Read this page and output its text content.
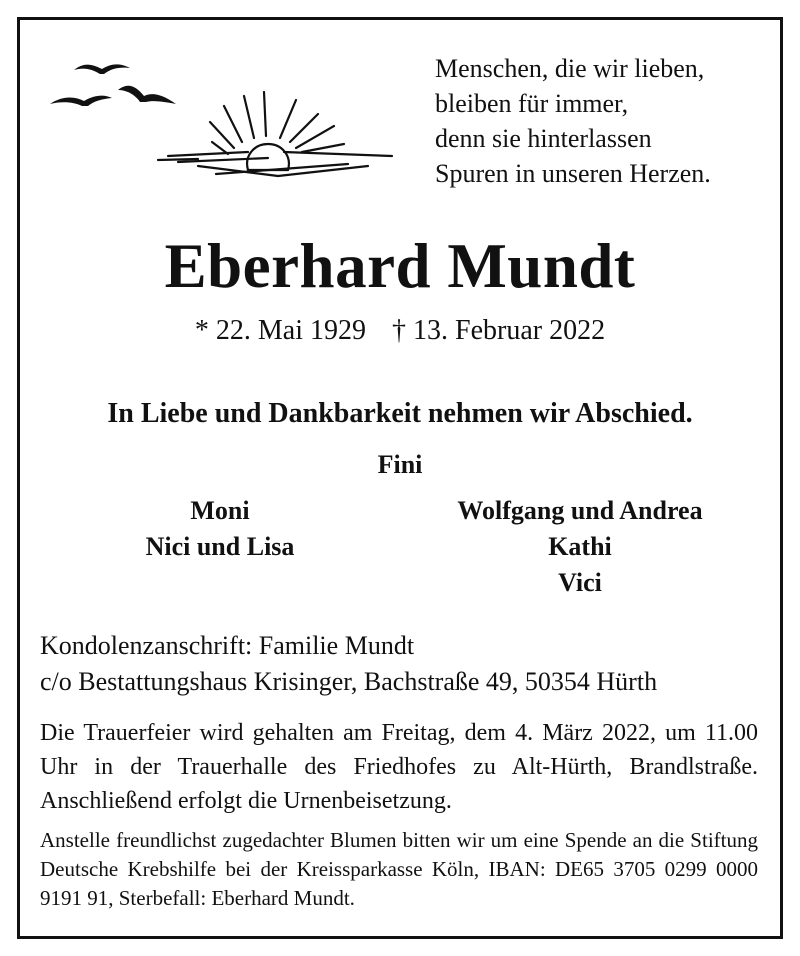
Menschen, die wir lieben,
bleiben für immer,
denn sie hinterlassen
Spuren in unseren Herzen.
Eberhard Mundt
* 22. Mai 1929 † 13. Februar 2022
In Liebe und Dankbarkeit nehmen wir Abschied.
Fini
Moni
Nici und Lisa
Wolfgang und Andrea
Kathi
Vici
Kondolenzanschrift: Familie Mundt
c/o Bestattungshaus Krisinger, Bachstraße 49, 50354 Hürth
Die Trauerfeier wird gehalten am Freitag, dem 4. März 2022, um 11.00 Uhr in der Trauerhalle des Friedhofes zu Alt-Hürth, Brandlstraße. Anschließend erfolgt die Urnenbeisetzung.
Anstelle freundlichst zugedachter Blumen bitten wir um eine Spende an die Stiftung Deutsche Krebshilfe bei der Kreissparkasse Köln, IBAN: DE65 3705 0299 0000 9191 91, Sterbefall: Eberhard Mundt.
